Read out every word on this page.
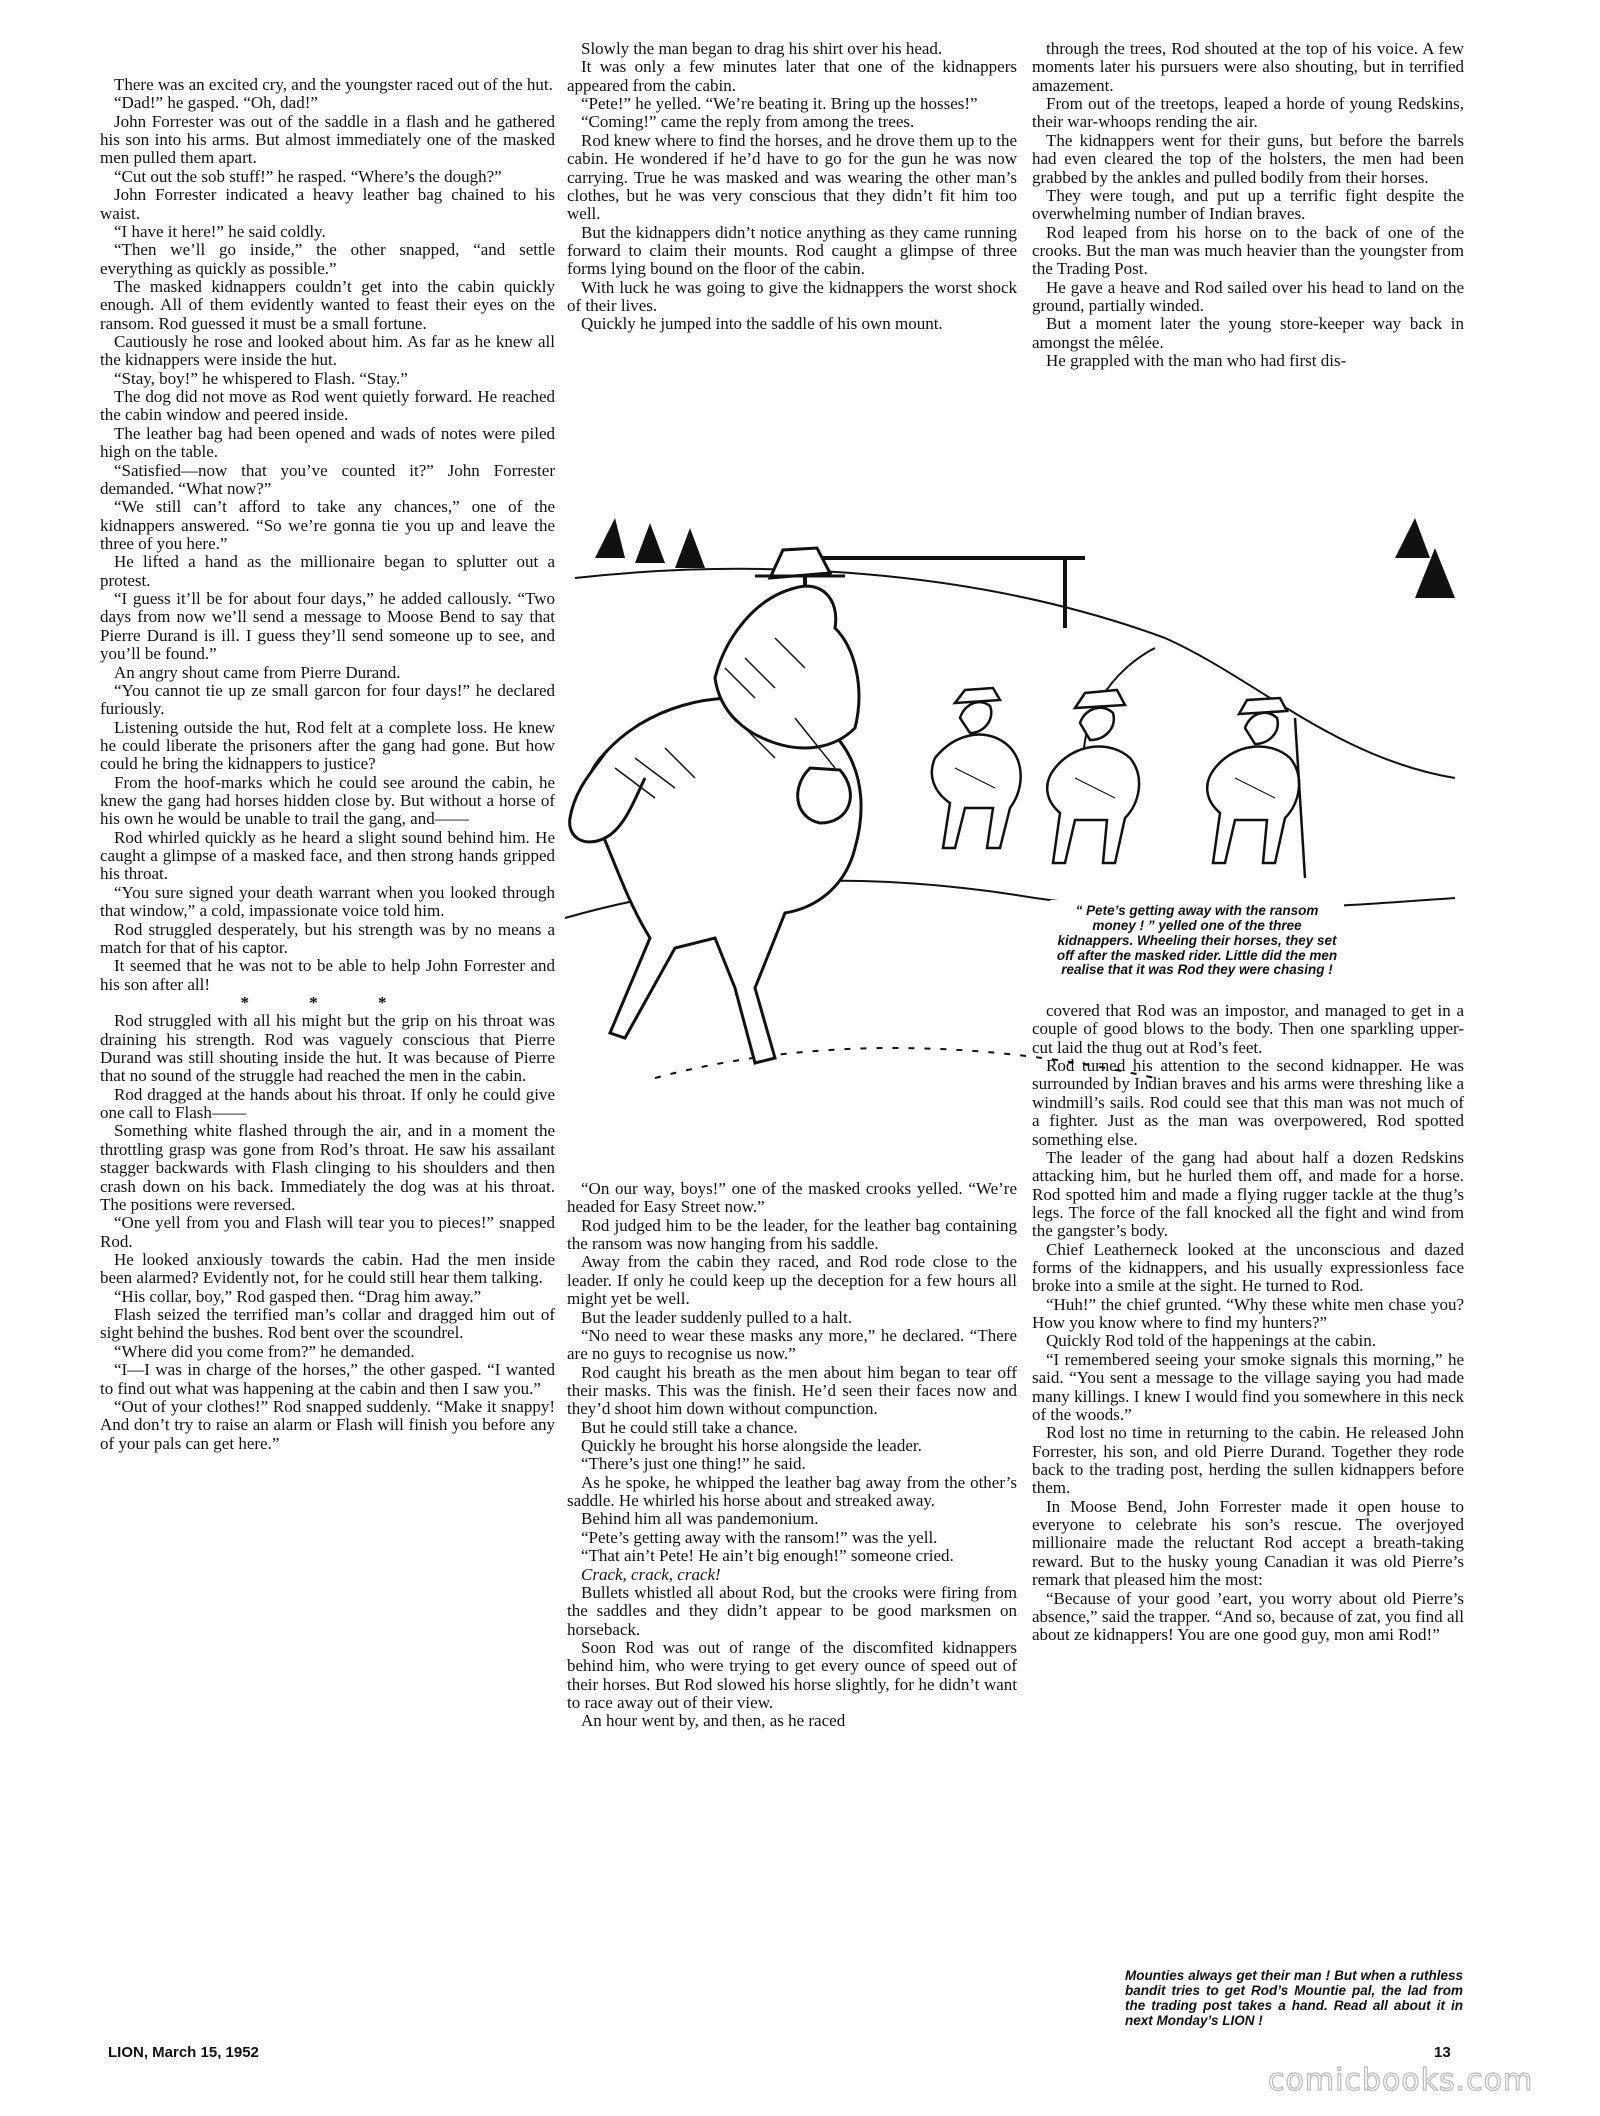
There was an excited cry, and the youngster raced out of the hut.

“Dad!” he gasped. “Oh, dad!”

John Forrester was out of the saddle in a flash and he gathered his son into his arms. But almost immediately one of the masked men pulled them apart.

“Cut out the sob stuff!” he rasped. “Where’s the dough?”

John Forrester indicated a heavy leather bag chained to his waist.

“I have it here!” he said coldly.

“Then we’ll go inside,” the other snapped, “and settle everything as quickly as possible.”

The masked kidnappers couldn’t get into the cabin quickly enough. All of them evidently wanted to feast their eyes on the ransom. Rod guessed it must be a small fortune.

Cautiously he rose and looked about him. As far as he knew all the kidnappers were inside the hut.

“Stay, boy!” he whispered to Flash. “Stay.”

The dog did not move as Rod went quietly forward. He reached the cabin window and peered inside.

The leather bag had been opened and wads of notes were piled high on the table.

“Satisfied—now that you’ve counted it?” John Forrester demanded. “What now?”

“We still can’t afford to take any chances,” one of the kidnappers answered. “So we’re gonna tie you up and leave the three of you here.”

He lifted a hand as the millionaire began to splutter out a protest.

“I guess it’ll be for about four days,” he added callously. “Two days from now we’ll send a message to Moose Bend to say that Pierre Durand is ill. I guess they’ll send someone up to see, and you’ll be found.”

An angry shout came from Pierre Durand.

“You cannot tie up ze small garcon for four days!” he declared furiously.

Listening outside the hut, Rod felt at a complete loss. He knew he could liberate the prisoners after the gang had gone. But how could he bring the kidnappers to justice?

From the hoof-marks which he could see around the cabin, he knew the gang had horses hidden close by. But without a horse of his own he would be unable to trail the gang, and——

Rod whirled quickly as he heard a slight sound behind him. He caught a glimpse of a masked face, and then strong hands gripped his throat.

“You sure signed your death warrant when you looked through that window,” a cold, impassionate voice told him.

Rod struggled desperately, but his strength was by no means a match for that of his captor.

It seemed that he was not to be able to help John Forrester and his son after all!

* * *

Rod struggled with all his might but the grip on his throat was draining his strength. Rod was vaguely conscious that Pierre Durand was still shouting inside the hut. It was because of Pierre that no sound of the struggle had reached the men in the cabin.

Rod dragged at the hands about his throat. If only he could give one call to Flash——

Something white flashed through the air, and in a moment the throttling grasp was gone from Rod’s throat. He saw his assailant stagger backwards with Flash clinging to his shoulders and then crash down on his back. Immediately the dog was at his throat. The positions were reversed.

“One yell from you and Flash will tear you to pieces!” snapped Rod.

He looked anxiously towards the cabin. Had the men inside been alarmed? Evidently not, for he could still hear them talking.

“His collar, boy,” Rod gasped then. “Drag him away.”

Flash seized the terrified man’s collar and dragged him out of sight behind the bushes. Rod bent over the scoundrel.

“Where did you come from?” he demanded.

“I—I was in charge of the horses,” the other gasped. “I wanted to find out what was happening at the cabin and then I saw you.”

“Out of your clothes!” Rod snapped suddenly. “Make it snappy! And don’t try to raise an alarm or Flash will finish you before any of your pals can get here.”

Slowly the man began to drag his shirt over his head.

It was only a few minutes later that one of the kidnappers appeared from the cabin.

“Pete!” he yelled. “We’re beating it. Bring up the hosses!”

“Coming!” came the reply from among the trees.

Rod knew where to find the horses, and he drove them up to the cabin. He wondered if he’d have to go for the gun he was now carrying. True he was masked and was wearing the other man’s clothes, but he was very conscious that they didn’t fit him too well.

But the kidnappers didn’t notice anything as they came running forward to claim their mounts. Rod caught a glimpse of three forms lying bound on the floor of the cabin.

With luck he was going to give the kidnappers the worst shock of their lives.

Quickly he jumped into the saddle of his own mount.

through the trees, Rod shouted at the top of his voice. A few moments later his pursuers were also shouting, but in terrified amazement.

From out of the treetops, leaped a horde of young Redskins, their war-whoops rending the air.

The kidnappers went for their guns, but before the barrels had even cleared the top of the holsters, the men had been grabbed by the ankles and pulled bodily from their horses.

They were tough, and put up a terrific fight despite the overwhelming number of Indian braves.

Rod leaped from his horse on to the back of one of the crooks. But the man was much heavier than the youngster from the Trading Post.

He gave a heave and Rod sailed over his head to land on the ground, partially winded.

But a moment later the young store-keeper way back in amongst the mêlée.

He grappled with the man who had first dis-

“ Pete’s getting away with the ransom money ! ” yelled one of the three kidnappers. Wheeling their horses, they set off after the masked rider. Little did the men realise that it was Rod they were chasing !

“On our way, boys!” one of the masked crooks yelled. “We’re headed for Easy Street now.”

Rod judged him to be the leader, for the leather bag containing the ransom was now hanging from his saddle.

Away from the cabin they raced, and Rod rode close to the leader. If only he could keep up the deception for a few hours all might yet be well.

But the leader suddenly pulled to a halt.

“No need to wear these masks any more,” he declared. “There are no guys to recognise us now.”

Rod caught his breath as the men about him began to tear off their masks. This was the finish. He’d seen their faces now and they’d shoot him down without compunction.

But he could still take a chance.

Quickly he brought his horse alongside the leader.

“There’s just one thing!” he said.

As he spoke, he whipped the leather bag away from the other’s saddle. He whirled his horse about and streaked away.

Behind him all was pandemonium.

“Pete’s getting away with the ransom!” was the yell.

“That ain’t Pete! He ain’t big enough!” someone cried.

Crack, crack, crack!

Bullets whistled all about Rod, but the crooks were firing from the saddles and they didn’t appear to be good marksmen on horseback.

Soon Rod was out of range of the discomfited kidnappers behind him, who were trying to get every ounce of speed out of their horses. But Rod slowed his horse slightly, for he didn’t want to race away out of their view.

An hour went by, and then, as he raced

covered that Rod was an impostor, and managed to get in a couple of good blows to the body. Then one sparkling upper-cut laid the thug out at Rod’s feet.

Rod turned his attention to the second kidnapper. He was surrounded by Indian braves and his arms were threshing like a windmill’s sails. Rod could see that this man was not much of a fighter. Just as the man was overpowered, Rod spotted something else.

The leader of the gang had about half a dozen Redskins attacking him, but he hurled them off, and made for a horse. Rod spotted him and made a flying rugger tackle at the thug’s legs. The force of the fall knocked all the fight and wind from the gangster’s body.

Chief Leatherneck looked at the unconscious and dazed forms of the kidnappers, and his usually expressionless face broke into a smile at the sight. He turned to Rod.

“Huh!” the chief grunted. “Why these white men chase you? How you know where to find my hunters?”

Quickly Rod told of the happenings at the cabin.

“I remembered seeing your smoke signals this morning,” he said. “You sent a message to the village saying you had made many killings. I knew I would find you somewhere in this neck of the woods.”

Rod lost no time in returning to the cabin. He released John Forrester, his son, and old Pierre Durand. Together they rode back to the trading post, herding the sullen kidnappers before them.

In Moose Bend, John Forrester made it open house to everyone to celebrate his son’s rescue. The overjoyed millionaire made the reluctant Rod accept a breath-taking reward. But to the husky young Canadian it was old Pierre’s remark that pleased him the most:

“Because of your good ’eart, you worry about old Pierre’s absence,” said the trapper. “And so, because of zat, you find all about ze kidnappers! You are one good guy, mon ami Rod!”

Mounties always get their man ! But when a ruthless bandit tries to get Rod’s Mountie pal, the lad from the trading post takes a hand. Read all about it in next Monday’s LION !
LION, March 15, 1952	13
comicbooks.com
